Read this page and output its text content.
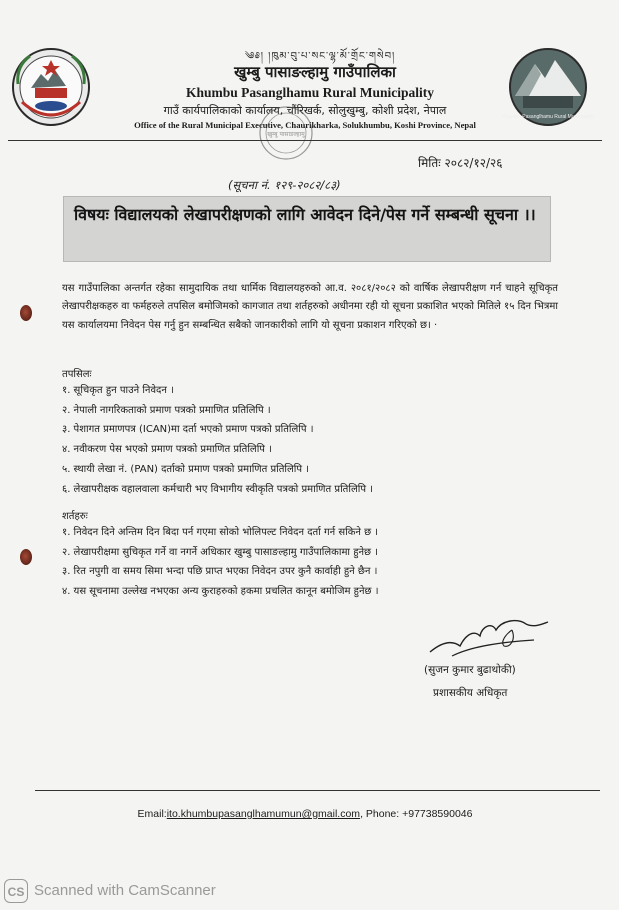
༄༅། །ཁུམ་བུ་པ་སང་ལྷ་མོ་གྲོང་གསེབ།
खुम्बु पासाङल्हामु गाउँपालिका
Khumbu Pasanglhamu Rural Municipality
गाउँ कार्यपालिकाको कार्यालय, चौंरिखर्क, सोलुखुम्बु, कोशी प्रदेश, नेपाल
Office of the Rural Municipal Executive, Chaurikharka, Solukhumbu, Koshi Province, Nepal
खुम्बु पासाङल्हामु
Khumbu Pasanglhamu Rural Municipality
मितिः २०८२/१२/२६
(सूचना नं. १२९-२०८२/८३)
विषयः विद्यालयको लेखापरीक्षणको लागि आवेदन दिने/पेस गर्ने सम्बन्धी सूचना ।।
यस गाउँपालिका अन्तर्गत रहेका सामुदायिक तथा धार्मिक विद्यालयहरुको आ.व. २०८१/२०८२ को वार्षिक लेखापरीक्षण गर्न चाहने सूचिकृत लेखापरीक्षकहरु वा फर्महरुले तपसिल बमोजिमको कागजात तथा शर्तहरुको अधीनमा रही यो सूचना प्रकाशित भएको मितिले १५ दिन भित्रमा यस कार्यालयमा निवेदन पेस गर्नु हुन सम्बन्धित सबैको जानकारीको लागि यो सूचना प्रकाशन गरिएको छ। ·
तपसिलः
१. सूचिकृत हुन पाउने निवेदन ।
२. नेपाली नागरिकताको प्रमाण पत्रको प्रमाणित प्रतिलिपि ।
३. पेशागत प्रमाणपत्र (ICAN)मा दर्ता भएको प्रमाण पत्रको प्रतिलिपि ।
४. नवीकरण पेस भएको प्रमाण पत्रको प्रमाणित प्रतिलिपि ।
५. स्थायी लेखा नं. (PAN) दर्ताको प्रमाण पत्रको प्रमाणित प्रतिलिपि ।
६. लेखापरीक्षक वहालवाला कर्मचारी भए विभागीय स्वीकृति पत्रको प्रमाणित प्रतिलिपि ।
शर्तहरुः
१. निवेदन दिने अन्तिम दिन बिदा पर्न गएमा सोको भोलिपल्ट निवेदन दर्ता गर्न सकिने छ ।
२. लेखापरीक्षमा सुचिकृत गर्ने वा नगर्ने अधिकार खुम्बु पासाङल्हामु गाउँपालिकामा हुनेछ ।
३. रित नपुगी वा समय सिमा भन्दा पछि प्राप्त भएका निवेदन उपर कुनै कार्वाही हुने छैन ।
४. यस सूचनामा उल्लेख नभएका अन्य कुराहरुको हकमा प्रचलित कानून बमोजिम हुनेछ ।
(सुजन कुमार बुढाथोकी)
प्रशासकीय अधिकृत
Email:ito.khumbupasanglhamumun@gmail.com, Phone: +97738590046
CS Scanned with CamScanner
